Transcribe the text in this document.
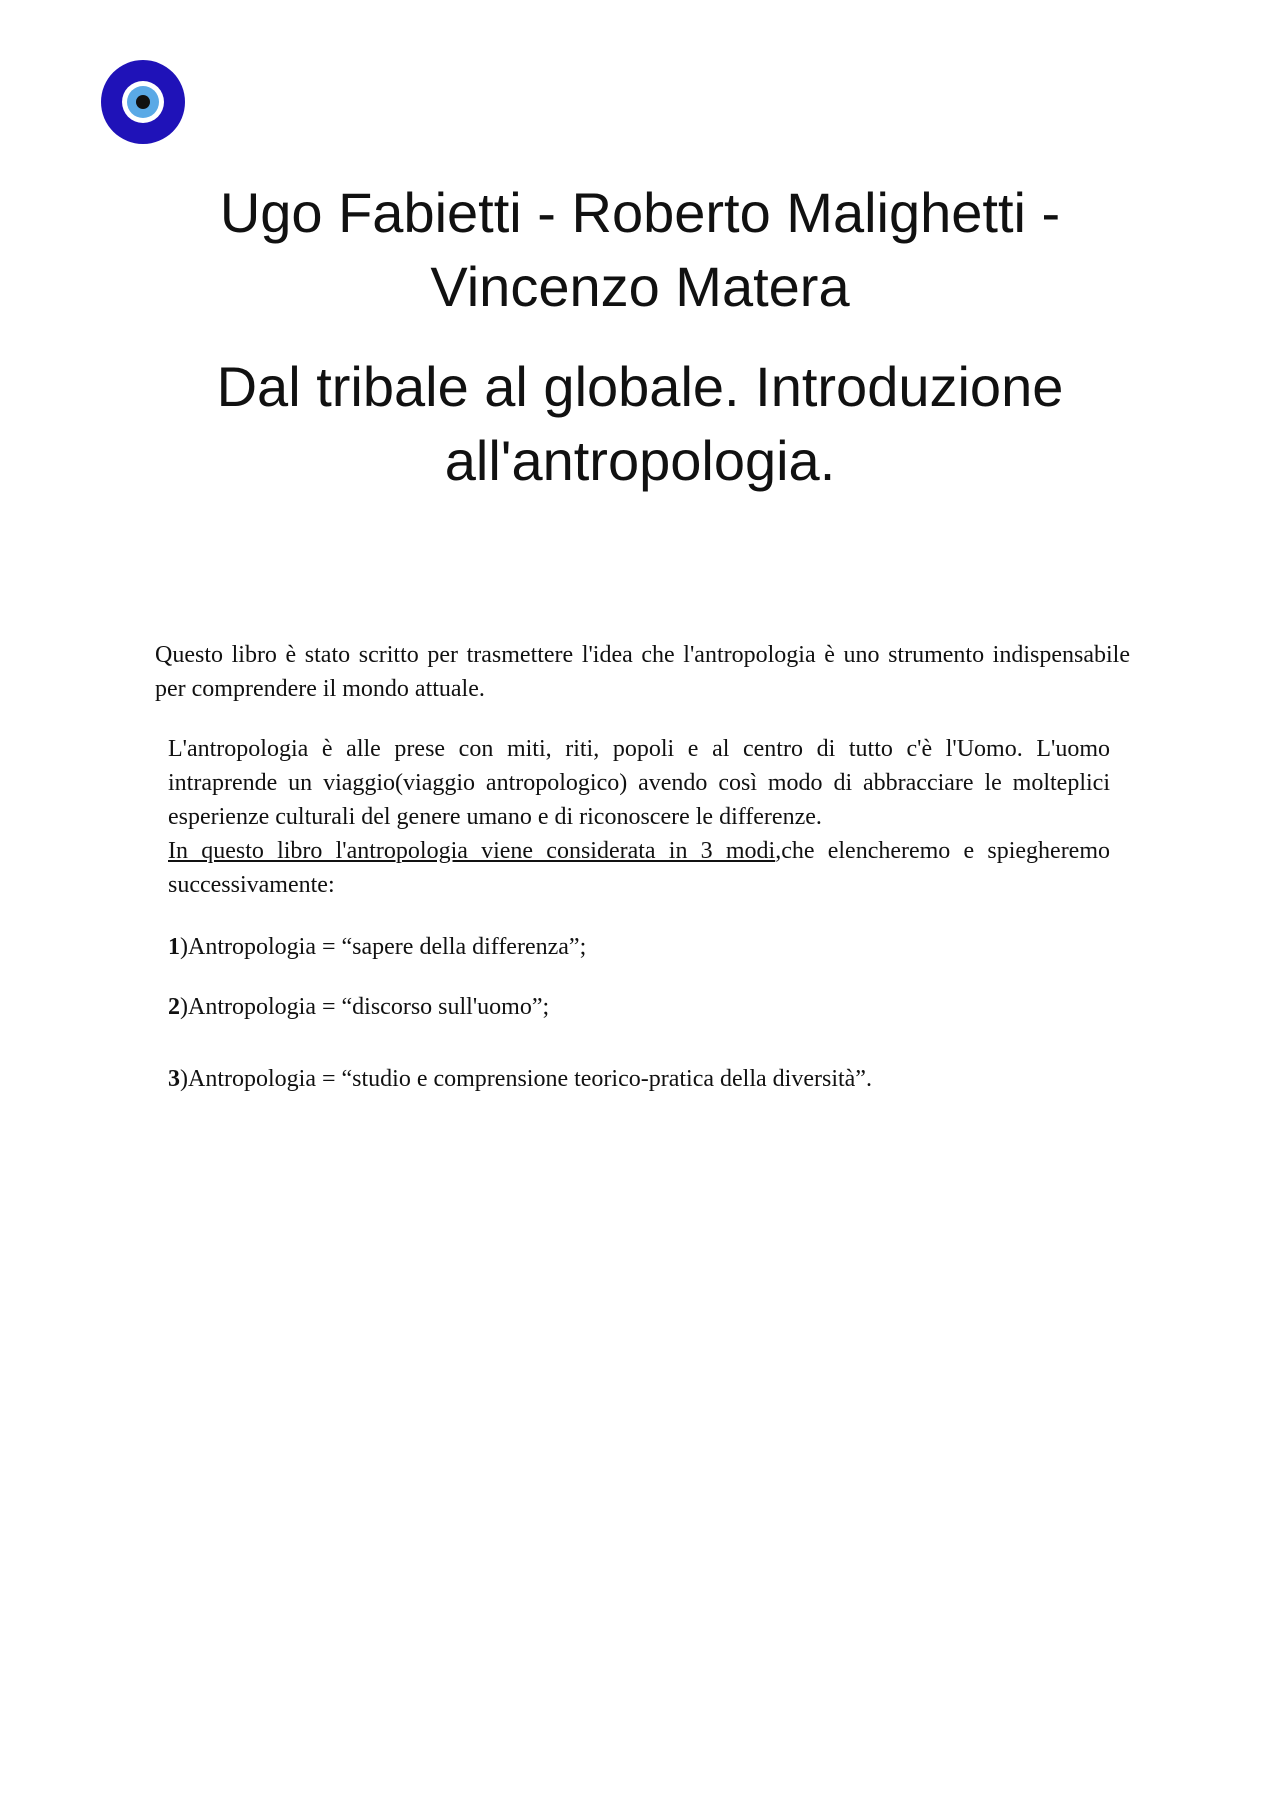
Ugo Fabietti - Roberto Malighetti -
Vincenzo Matera
Dal tribale al globale. Introduzione
all'antropologia.

Questo libro è stato scritto per trasmettere l'idea che l'antropologia è uno strumento indispensabile per comprendere il mondo attuale.

L'antropologia è alle prese con miti, riti, popoli e al centro di tutto c'è l'Uomo. L'uomo intraprende un viaggio(viaggio antropologico) avendo così modo di abbracciare le molteplici esperienze culturali del genere umano e di riconoscere le differenze.
In questo libro l'antropologia viene considerata in 3 modi,che elencheremo e spiegheremo successivamente:

1)Antropologia = “sapere della differenza”;

2)Antropologia = “discorso sull'uomo”;

3)Antropologia = “studio e comprensione teorico-pratica della diversità”.
